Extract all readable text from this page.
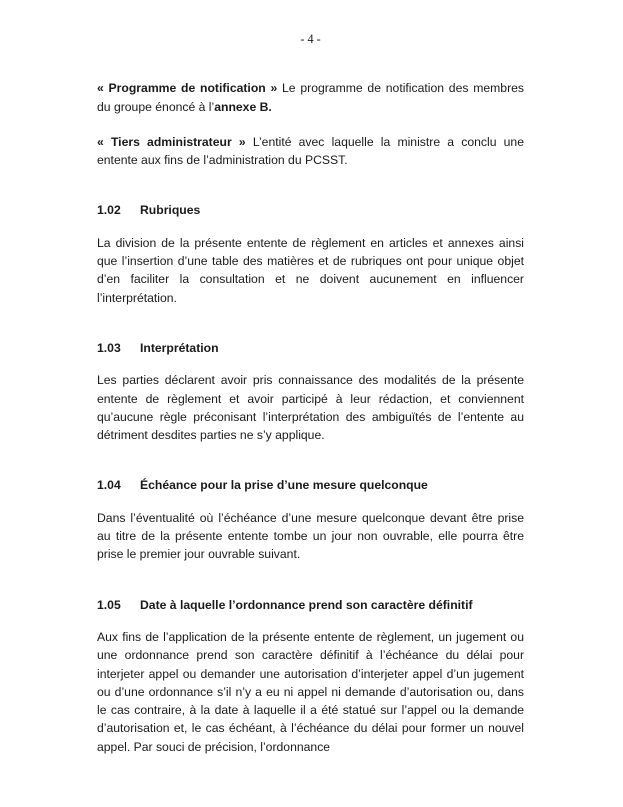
- 4 -

« Programme de notification » Le programme de notification des membres du groupe énoncé à l’annexe B.

« Tiers administrateur » L’entité avec laquelle la ministre a conclu une entente aux fins de l’administration du PCSST.

1.02 Rubriques

La division de la présente entente de règlement en articles et annexes ainsi que l’insertion d’une table des matières et de rubriques ont pour unique objet d’en faciliter la consultation et ne doivent aucunement en influencer l’interprétation.

1.03 Interprétation

Les parties déclarent avoir pris connaissance des modalités de la présente entente de règlement et avoir participé à leur rédaction, et conviennent qu’aucune règle préconisant l’interprétation des ambiguïtés de l’entente au détriment desdites parties ne s’y applique.

1.04 Échéance pour la prise d’une mesure quelconque

Dans l’éventualité où l’échéance d’une mesure quelconque devant être prise au titre de la présente entente tombe un jour non ouvrable, elle pourra être prise le premier jour ouvrable suivant.

1.05 Date à laquelle l’ordonnance prend son caractère définitif

Aux fins de l’application de la présente entente de règlement, un jugement ou une ordonnance prend son caractère définitif à l’échéance du délai pour interjeter appel ou demander une autorisation d’interjeter appel d’un jugement ou d’une ordonnance s’il n’y a eu ni appel ni demande d’autorisation ou, dans le cas contraire, à la date à laquelle il a été statué sur l’appel ou la demande d’autorisation et, le cas échéant, à l’échéance du délai pour former un nouvel appel. Par souci de précision, l’ordonnance
